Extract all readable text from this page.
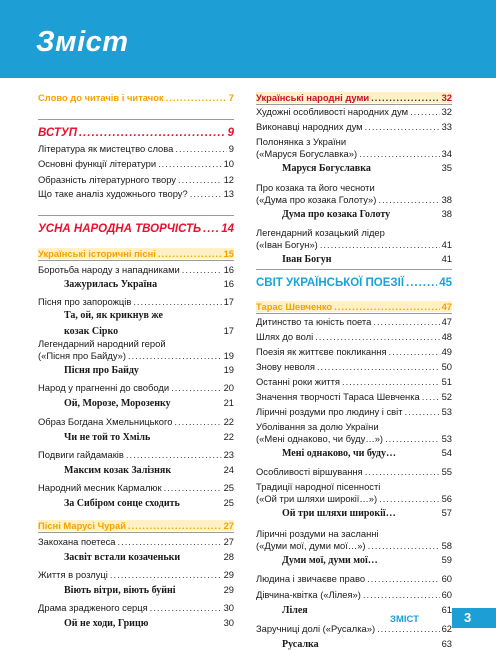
Зміст
Слово до читачів і читачок .....	7
ВСТУП .....	9
Література як мистецтво слова .....	9
Основні функції літератури .....	10
Образність літературного твору .....	12
Що таке аналіз художнього твору? .....	13
УСНА НАРОДНА ТВОРЧІСТЬ ..... 14
Українські історичні пісні .....	15
Боротьба народу з нападниками .....	16
Зажурилась Україна	16
Пісня про запорожців .....	17
Та, ой, як крикнув же
козак Сірко	17
Легендарний народний герой
(«Пісня про Байду») .....	19
Пісня про Байду	19
Народ у прагненні до свободи .....	20
Ой, Морозе, Морозенку	21
Образ Богдана Хмельницького .....	22
Чи не той то Хміль	22
Подвиги гайдамаків .....	23
Максим козак Залізняк	24
Народний месник Кармалюк .....	25
За Сибіром сонце сходить	25
Пісні Марусі Чурай .....	27
Закохана поетеса .....	27
Засвіт встали козаченьки	28
Життя в розлуці .....	29
Віють вітри, віють буйні	29
Драма зрадженого серця .....	30
Ой не ходи, Грицю	30
Українські народні думи .....	32
Художні особливості народних дум .....	32
Виконавці народних дум .....	33
Полонянка з України
(«Маруся Богуславка») .....	34
Маруся Богуславка	35
Про козака та його чесноти
(«Дума про козака Голоту») .....	38
Дума про козака Голоту	38
Легендарний козацький лідер
(«Іван Богун») .....	41
Іван Богун	41
СВІТ УКРАЇНСЬКОЇ ПОЕЗІЇ .....	45
Тарас Шевченко .....	47
Дитинство та юність поета .....	47
Шлях до волі .....	48
Поезія як життєве покликання .....	49
Знову неволя .....	50
Останні роки життя .....	51
Значення творчості Тараса Шевченка ..... 52
Ліричні роздуми про людину і світ .....	53
Уболівання за долю України
(«Мені однаково, чи буду…») .....	53
Мені однаково, чи буду…	54
Особливості віршування .....	55
Традиції народної пісенності
(«Ой три шляхи широкії…») .....	56
Ой три шляхи широкії…	57
Ліричні роздуми на засланні
(«Думи мої, думи мої…») .....	58
Думи мої, думи мої…	59
Людина і звичаєве право .....	60
Дівчина-квітка («Лілея») .....	60
Лілея	61
Заручниці долі («Русалка») .....	62
Русалка	63
ЗМІСТ	3
